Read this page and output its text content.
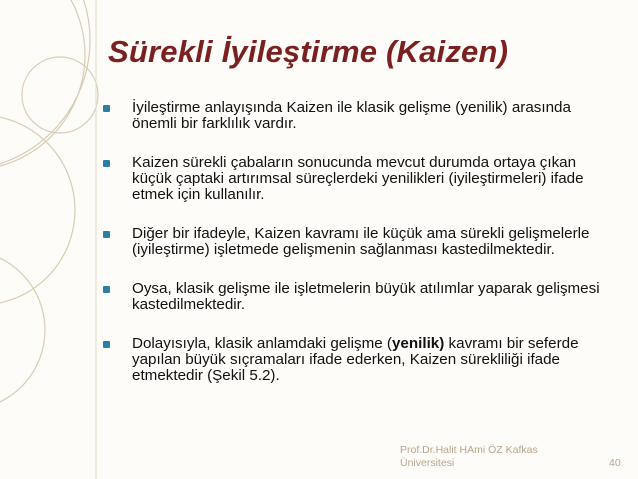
Sürekli İyileştirme (Kaizen)
İyileştirme anlayışında Kaizen ile klasik gelişme (yenilik) arasında önemli bir farklılık vardır.
Kaizen sürekli çabaların sonucunda mevcut durumda ortaya çıkan küçük çaptaki artırımsal süreçlerdeki yenilikleri (iyileştirmeleri) ifade etmek için kullanılır.
Diğer bir ifadeyle, Kaizen kavramı ile küçük ama sürekli gelişmelerle (iyileştirme) işletmede gelişmenin sağlanması kastedilmektedir.
Oysa, klasik gelişme ile işletmelerin büyük atılımlar yaparak gelişmesi kastedilmektedir.
Dolayısıyla, klasik anlamdaki gelişme (yenilik) kavramı bir seferde yapılan büyük sıçramaları ifade ederken, Kaizen sürekliliği ifade etmektedir (Şekil 5.2).
Prof.Dr.Halit HAmi ÖZ Kafkas Üniversitesi	40
